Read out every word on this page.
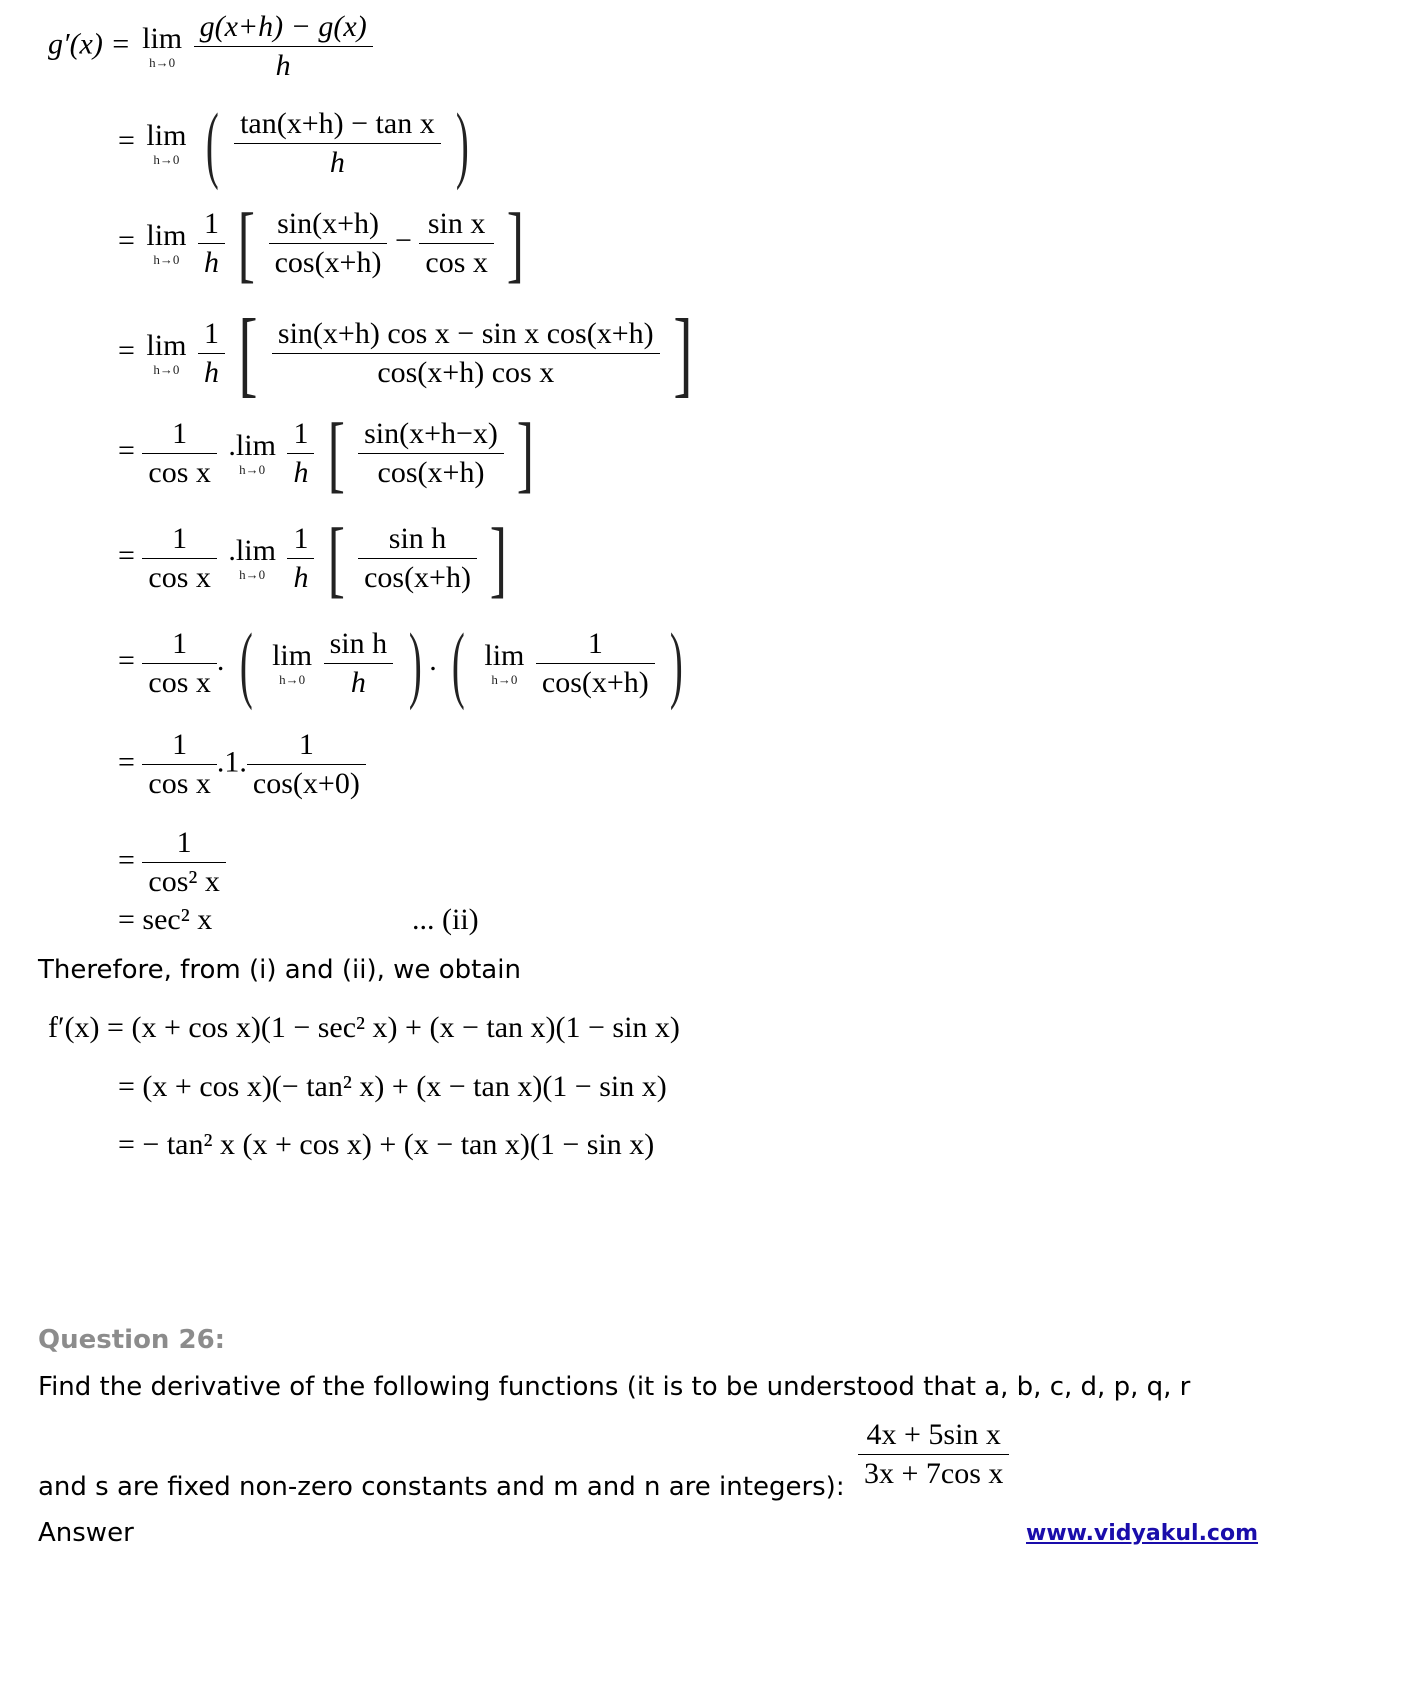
g′(x) = lim
h→0
$\frac{g(x+h) - g(x)}{h}$
= lim
h→0 ( $\frac{\text{tan(x+h) − tan x}}{h}$ )
= lim
h→0
$\frac{1}{h}$ [ $\frac{\sin(x+h)}{\cos(x+h)} - \frac{\text{sin x}}{\text{cos x}}$ ]
= lim
h→0
$\frac{1}{h}$ [ $\frac{\text{sin(x+h) cos x − sin x cos(x+h)}}{\text{cos(x+h) cos x}}$ ]
= $\frac{1}{\text{cos x}}$
.lim
h→0
$\frac{1}{h}$ [ $\frac{\sin(x+h-x)}{\cos(x+h)}$ ]
= $\frac{1}{\text{cos x}}$
.lim
h→0
$\frac{1}{h}$ [ $\frac{\text{sin h}}{\cos(x+h)}$ ]
= $\frac{1}{\text{cos x}}$ . ( lim
h→0
$\frac{\text{sin h}}{h}$ ) . ( lim
h→0
$\frac{1}{\cos(x+h)}$ )
= $\frac{1}{\text{cos x}} .1$. $\frac{1}{\cos(x+0)}$
= $\frac{1}{\text{cos² x}}$
= sec² x	... (ii)
Therefore, from (i) and (ii), we obtain
f′(x) = (x + cos x)(1 − sec² x) + (x − tan x)(1 − sin x)
= (x + cos x)(− tan² x) + (x − tan x)(1 − sin x)
= − tan² x (x + cos x) + (x − tan x)(1 − sin x)
Question 26:
Find the derivative of the following functions (it is to be understood that a, b, c, d, p, q, r
and s are fixed non-zero constants and m and n are integers): $\frac{\text{4x + 5sin x}}{\text{3x + 7cos x}}$
Answer	www.vidyakul.com
